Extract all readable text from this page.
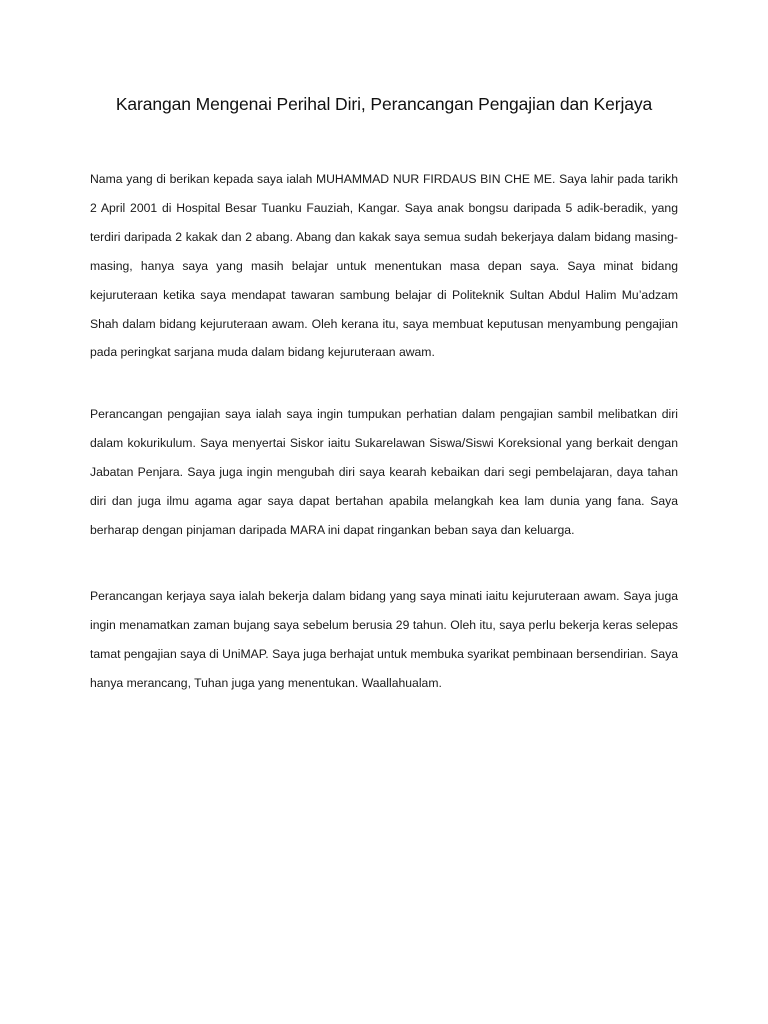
Karangan Mengenai Perihal Diri, Perancangan Pengajian dan Kerjaya

Nama yang di berikan kepada saya ialah MUHAMMAD NUR FIRDAUS BIN CHE ME. Saya lahir pada tarikh 2 April 2001 di Hospital Besar Tuanku Fauziah, Kangar. Saya anak bongsu daripada 5 adik-beradik, yang terdiri daripada 2 kakak dan 2 abang. Abang dan kakak saya semua sudah bekerjaya dalam bidang masing-masing, hanya saya yang masih belajar untuk menentukan masa depan saya. Saya minat bidang kejuruteraan ketika saya mendapat tawaran sambung belajar di Politeknik Sultan Abdul Halim Mu’adzam Shah dalam bidang kejuruteraan awam. Oleh kerana itu, saya membuat keputusan menyambung pengajian pada peringkat sarjana muda dalam bidang kejuruteraan awam.

Perancangan pengajian saya ialah saya ingin tumpukan perhatian dalam pengajian sambil melibatkan diri dalam kokurikulum. Saya menyertai Siskor iaitu Sukarelawan Siswa/Siswi Koreksional yang berkait dengan Jabatan Penjara. Saya juga ingin mengubah diri saya kearah kebaikan dari segi pembelajaran, daya tahan diri dan juga ilmu agama agar saya dapat bertahan apabila melangkah kea lam dunia yang fana. Saya berharap dengan pinjaman daripada MARA ini dapat ringankan beban saya dan keluarga.

Perancangan kerjaya saya ialah bekerja dalam bidang yang saya minati iaitu kejuruteraan awam. Saya juga ingin menamatkan zaman bujang saya sebelum berusia 29 tahun. Oleh itu, saya perlu bekerja keras selepas tamat pengajian saya di UniMAP. Saya juga berhajat untuk membuka syarikat pembinaan bersendirian. Saya hanya merancang, Tuhan juga yang menentukan. Waallahualam.
